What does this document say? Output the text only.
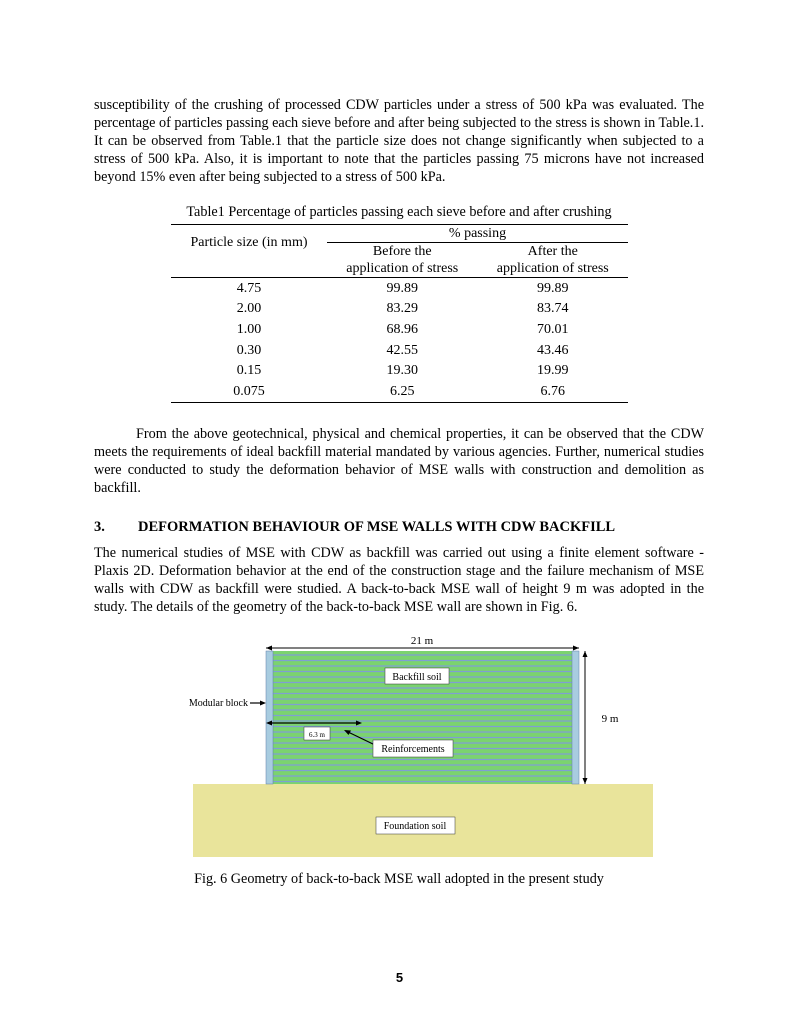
susceptibility of the crushing of processed CDW particles under a stress of 500 kPa was evaluated. The percentage of particles passing each sieve before and after being subjected to the stress is shown in Table.1. It can be observed from Table.1 that the particle size does not change significantly when subjected to a stress of 500 kPa. Also, it is important to note that the particles passing 75 microns have not increased beyond 15% even after being subjected to a stress of 500 kPa.

Table1 Percentage of particles passing each sieve before and after crushing
Particle size (in mm)	% passing	
	Before the	After the
	application of stress	application of stress
4.75	99.89	99.89
2.00	83.29	83.74
1.00	68.96	70.01
0.30	42.55	43.46
0.15	19.30	19.99
0.075	6.25	6.76

From the above geotechnical, physical and chemical properties, it can be observed that the CDW meets the requirements of ideal backfill material mandated by various agencies. Further, numerical studies were conducted to study the deformation behavior of MSE walls with construction and demolition as backfill.

3. DEFORMATION BEHAVIOUR OF MSE WALLS WITH CDW BACKFILL

The numerical studies of MSE with CDW as backfill was carried out using a finite element software - Plaxis 2D. Deformation behavior at the end of the construction stage and the failure mechanism of MSE walls with CDW as backfill were studied. A back-to-back MSE wall of height 9 m was adopted in the study. The details of the geometry of the back-to-back MSE wall are shown in Fig. 6.

21 m
9 m
Backfill soil
Modular block
6.3 m
Reinforcements
Foundation soil
Fig. 6 Geometry of back-to-back MSE wall adopted in the present study
5
